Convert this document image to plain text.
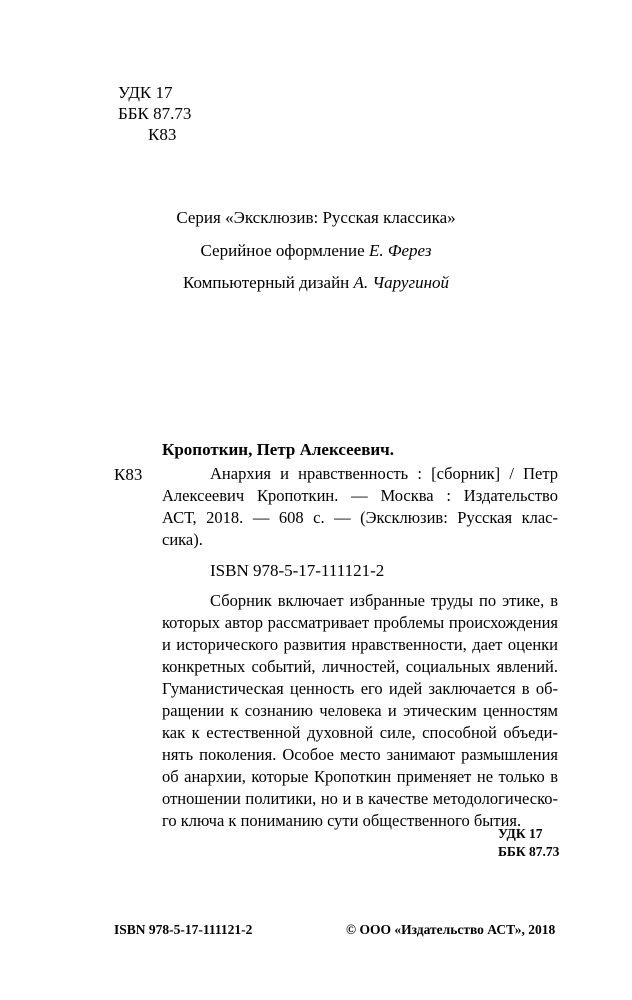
УДК 17
ББК 87.73
К83
Серия «Эксклюзив: Русская классика»
Серийное оформление Е. Ферез
Компьютерный дизайн А. Чаругиной
Кропоткин, Петр Алексеевич.
К83	Анархия и нравственность : [сборник] / Петр
Алексеевич Кропоткин. — Москва : Издательство
АСТ, 2018. — 608 с. — (Эксклюзив: Русская клас-
сика).
ISBN 978-5-17-111121-2
Сборник включает избранные труды по этике, в
которых автор рассматривает проблемы происхождения
и исторического развития нравственности, дает оценки
конкретных событий, личностей, социальных явлений.
Гуманистическая ценность его идей заключается в об-
ращении к сознанию человека и этическим ценностям
как к естественной духовной силе, способной объеди-
нять поколения. Особое место занимают размышления
об анархии, которые Кропоткин применяет не только в
отношении политики, но и в качестве методологическо-
го ключа к пониманию сути общественного бытия.
УДК 17
ББК 87.73
ISBN 978-5-17-111121-2	© ООО «Издательство АСТ», 2018
